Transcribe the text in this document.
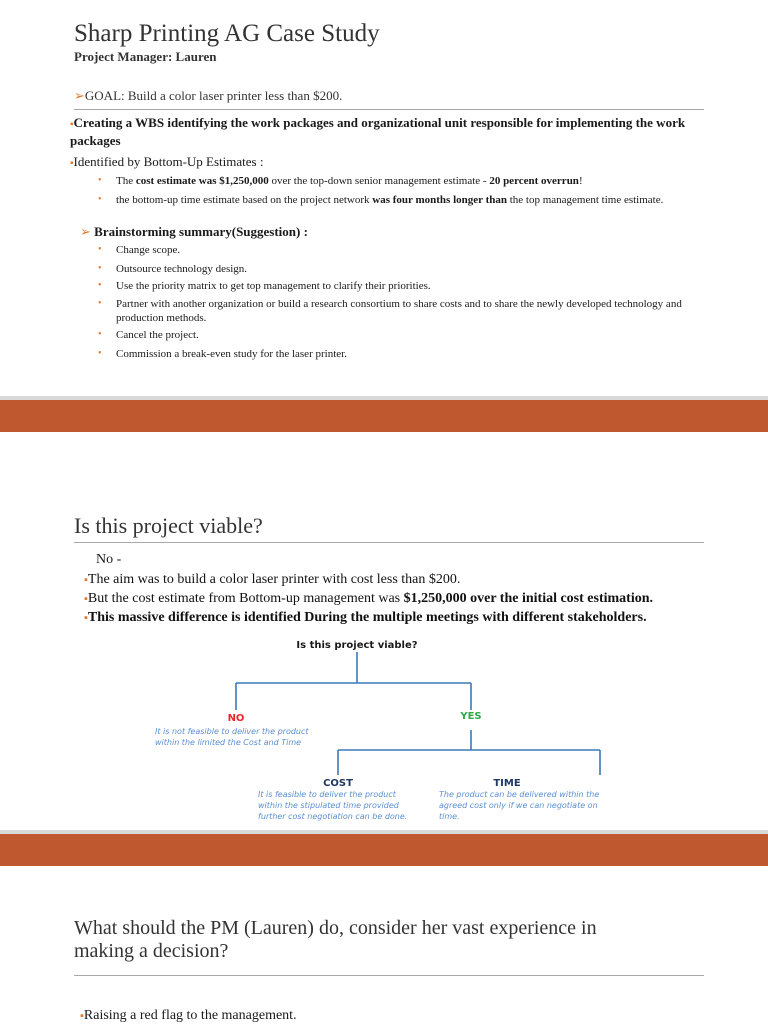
Sharp Printing AG Case Study
Project Manager: Lauren
➢GOAL: Build a color laser printer less than $200.
▪Creating a WBS identifying the work packages and organizational unit responsible for implementing the work packages
▪Identified by Bottom-Up Estimates :
•	The cost estimate was $1,250,000 over the top-down senior management estimate - 20 percent overrun!
•	the bottom-up time estimate based on the project network was four months longer than the top management time estimate.
➢ Brainstorming summary(Suggestion) :
•	Change scope.
•	Outsource technology design.
•	Use the priority matrix to get top management to clarify their priorities.
•	Partner with another organization or build a research consortium to share costs and to share the newly developed technology and production methods.
•	Cancel the project.
•	Commission a break-even study for the laser printer.
Is this project viable?
No -
▪The aim was to build a color laser printer with cost less than $200.
▪But the cost estimate from Bottom-up management was $1,250,000 over the initial cost estimation.
▪This massive difference is identified During the multiple meetings with different stakeholders.
Is this project viable?
NO
It is not feasible to deliver the product
within the limited the Cost and Time
YES
COST
It is feasible to deliver the product
within the stipulated time provided
further cost negotiation can be done.
TIME
The product can be delivered within the
agreed cost only if we can negotiate on
time.
What should the PM (Lauren) do, consider her vast experience in
making a decision?
▪Raising a red flag to the management.
